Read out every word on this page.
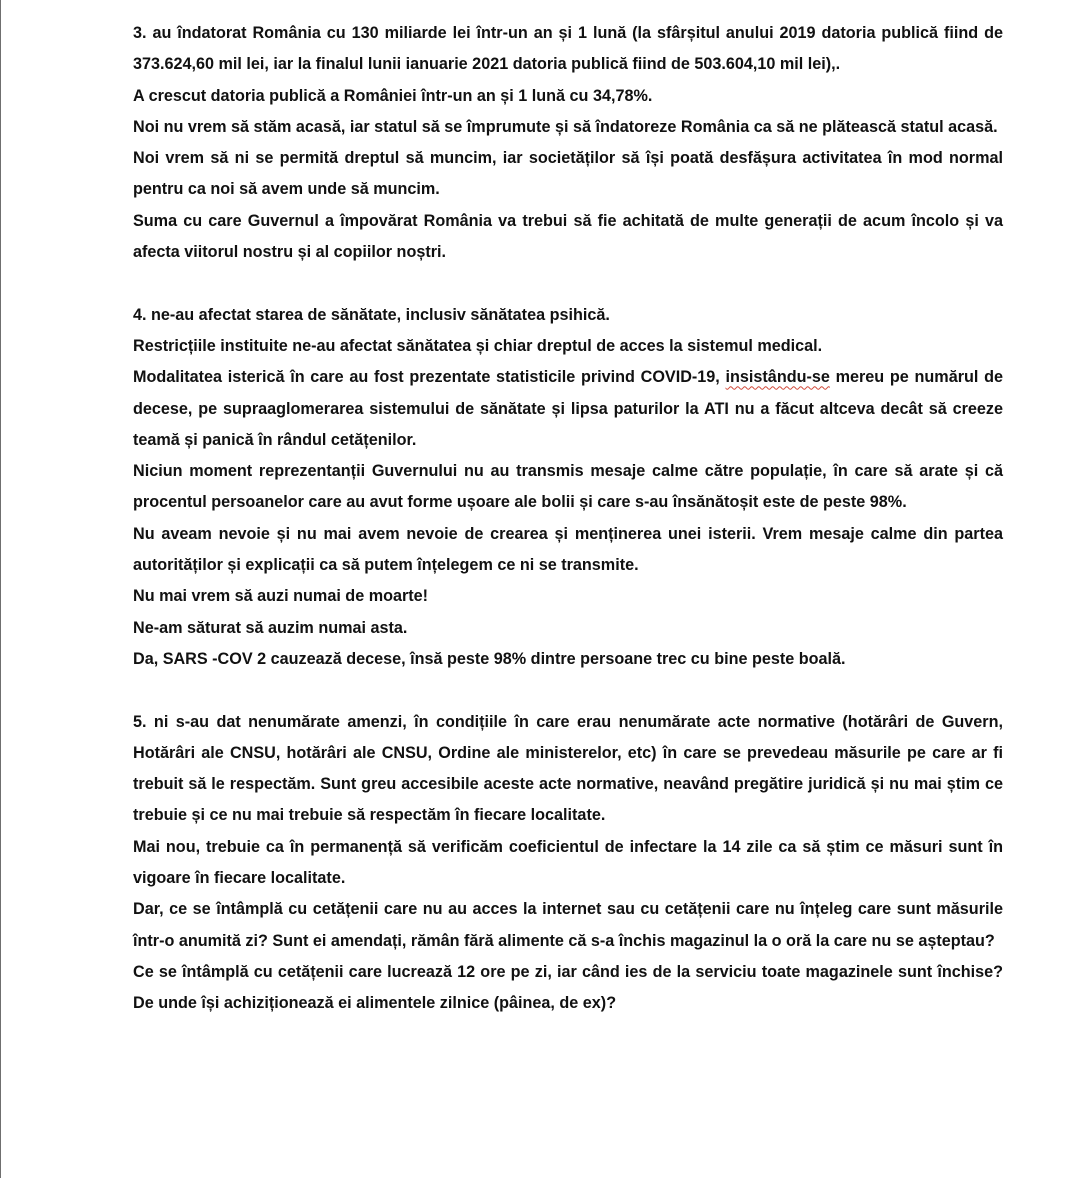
3. au îndatorat România cu 130 miliarde lei într-un an și 1 lună (la sfârșitul anului 2019 datoria publică fiind de 373.624,60 mil lei, iar la finalul lunii ianuarie 2021 datoria publică fiind de 503.604,10 mil lei),.

A crescut datoria publică a României într-un an și 1 lună cu 34,78%.

Noi nu vrem să stăm acasă, iar statul să se împrumute și să îndatoreze România ca să ne plătească statul acasă.

Noi vrem să ni se permită dreptul să muncim, iar societăților să își poată desfășura activitatea în mod normal pentru ca noi să avem unde să muncim.

Suma cu care Guvernul a împovărat România va trebui să fie achitată de multe generații de acum încolo și va afecta viitorul nostru și al copiilor noștri.

4. ne-au afectat starea de sănătate, inclusiv sănătatea psihică.

Restricțiile instituite ne-au afectat sănătatea și chiar dreptul de acces la sistemul medical.

Modalitatea isterică în care au fost prezentate statisticile privind COVID-19, insistându-se mereu pe numărul de decese, pe supraaglomerarea sistemului de sănătate și lipsa paturilor la ATI nu a făcut altceva decât să creeze teamă și panică în rândul cetățenilor.

Niciun moment reprezentanții Guvernului nu au transmis mesaje calme către populație, în care să arate și că procentul persoanelor care au avut forme ușoare ale bolii și care s-au însănătoșit este de peste 98%.

Nu aveam nevoie și nu mai avem nevoie de crearea și menținerea unei isterii. Vrem mesaje calme din partea autorităților și explicații ca să putem înțelegem ce ni se transmite.

Nu mai vrem să auzi numai de moarte!

Ne-am săturat să auzim numai asta.

Da, SARS -COV 2 cauzează decese, însă peste 98% dintre persoane trec cu bine peste boală.

5. ni s-au dat nenumărate amenzi, în condițiile în care erau nenumărate acte normative (hotărâri de Guvern, Hotărâri ale CNSU, hotărâri ale CNSU, Ordine ale ministerelor, etc) în care se prevedeau măsurile pe care ar fi trebuit să le respectăm. Sunt greu accesibile aceste acte normative, neavând pregătire juridică și nu mai știm ce trebuie și ce nu mai trebuie să respectăm în fiecare localitate.

Mai nou, trebuie ca în permanență să verificăm coeficientul de infectare la 14 zile ca să știm ce măsuri sunt în vigoare în fiecare localitate.

Dar, ce se întâmplă cu cetățenii care nu au acces la internet sau cu cetățenii care nu înțeleg care sunt măsurile într-o anumită zi? Sunt ei amendați, rămân fără alimente că s-a închis magazinul la o oră la care nu se așteptau?

Ce se întâmplă cu cetățenii care lucrează 12 ore pe zi, iar când ies de la serviciu toate magazinele sunt închise? De unde își achiziționează ei alimentele zilnice (pâinea, de ex)?
